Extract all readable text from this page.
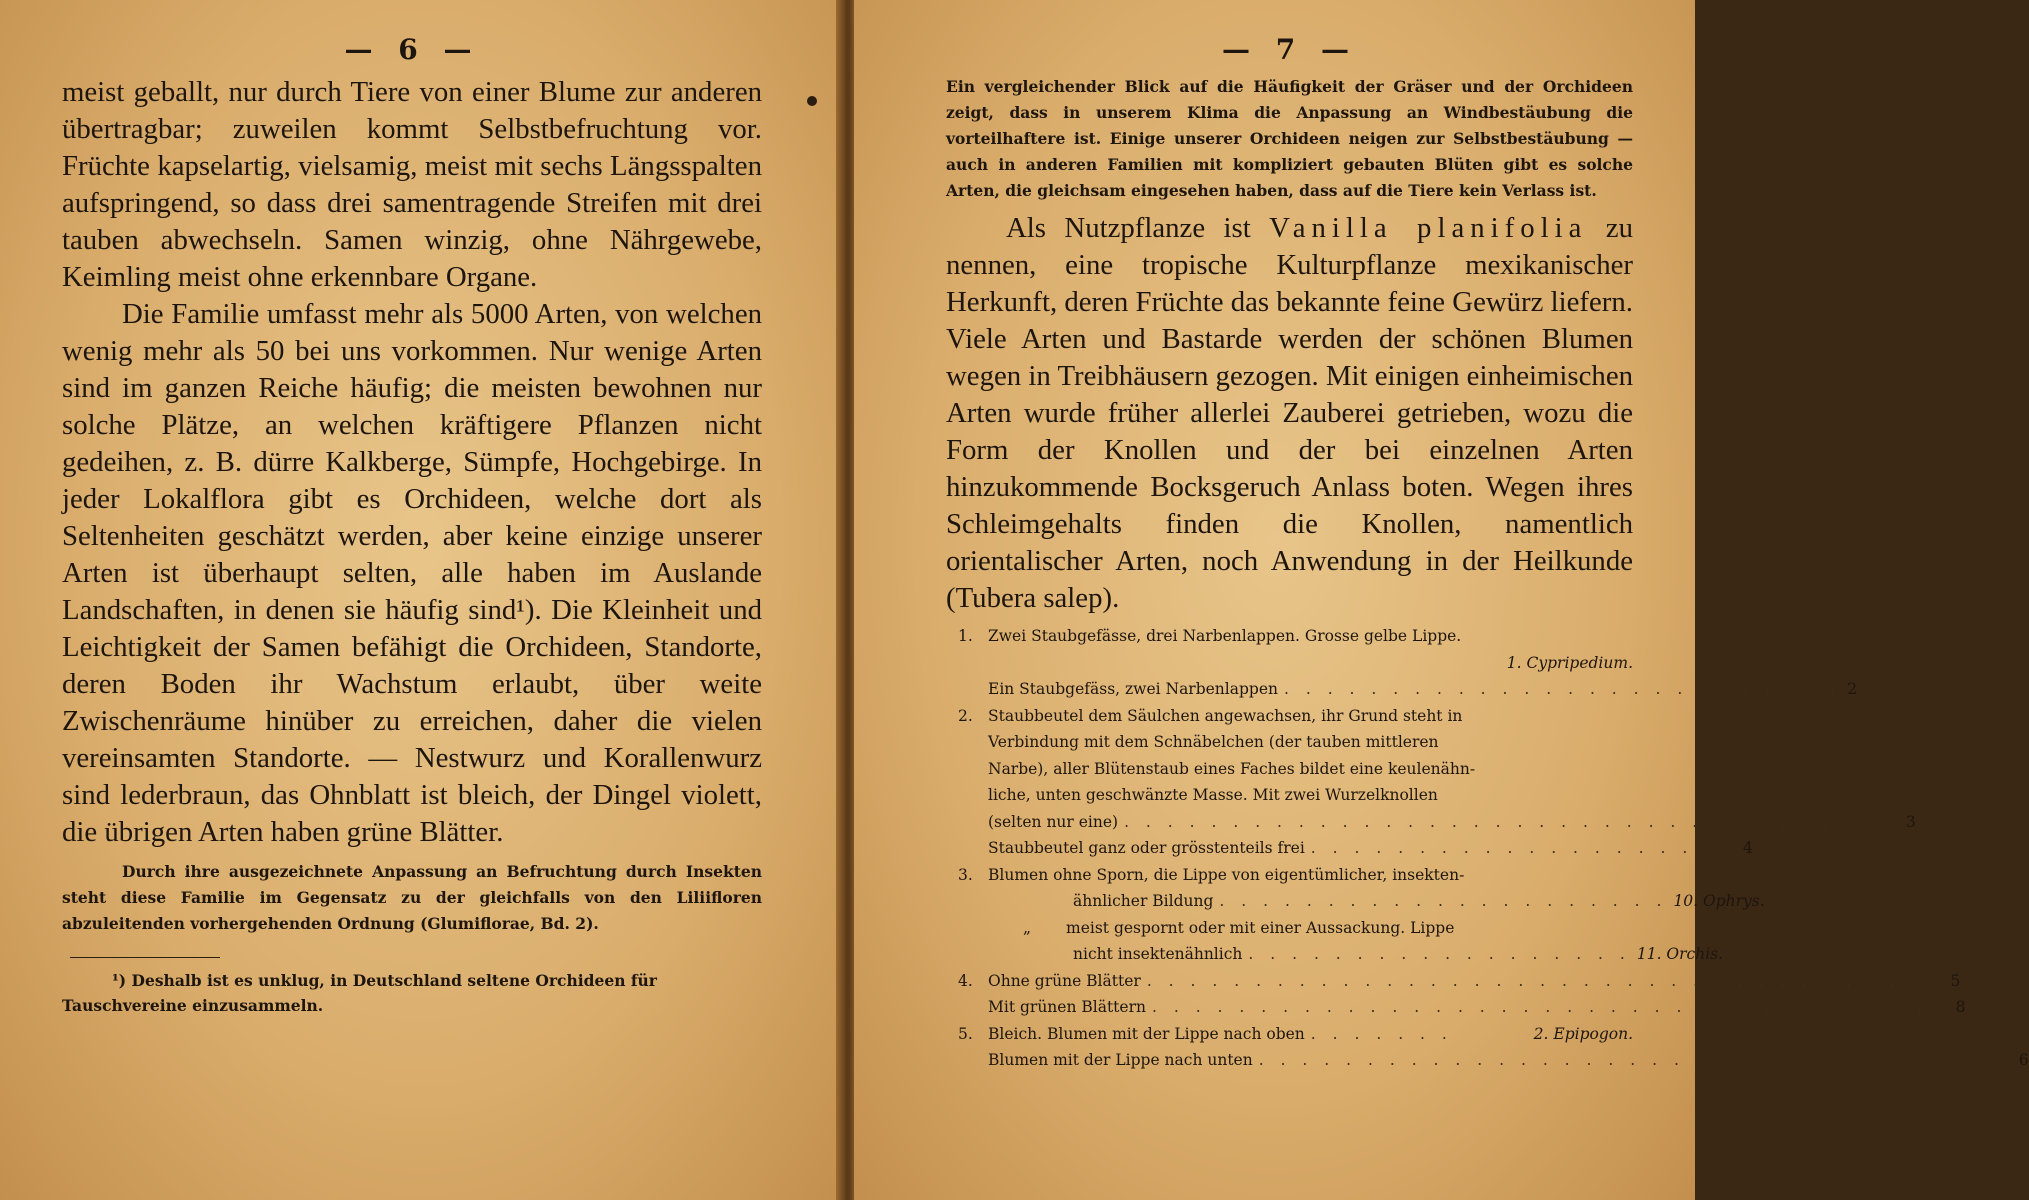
— 6 —

meist geballt, nur durch Tiere von einer Blume zur anderen übertragbar; zuweilen kommt Selbstbefruchtung vor. Früchte kapselartig, vielsamig, meist mit sechs Längsspalten aufspringend, so dass drei samentragende Streifen mit drei tauben abwechseln. Samen winzig, ohne Nährgewebe, Keimling meist ohne erkennbare Organe.

Die Familie umfasst mehr als 5000 Arten, von welchen wenig mehr als 50 bei uns vorkommen. Nur wenige Arten sind im ganzen Reiche häufig; die meisten bewohnen nur solche Plätze, an welchen kräftigere Pflanzen nicht gedeihen, z. B. dürre Kalkberge, Sümpfe, Hochgebirge. In jeder Lokalflora gibt es Orchideen, welche dort als Seltenheiten geschätzt werden, aber keine einzige unserer Arten ist überhaupt selten, alle haben im Auslande Landschaften, in denen sie häufig sind¹). Die Kleinheit und Leichtigkeit der Samen befähigt die Orchideen, Standorte, deren Boden ihr Wachstum erlaubt, über weite Zwischenräume hinüber zu erreichen, daher die vielen vereinsamten Standorte. — Nestwurz und Korallenwurz sind lederbraun, das Ohnblatt ist bleich, der Dingel violett, die übrigen Arten haben grüne Blätter.

Durch ihre ausgezeichnete Anpassung an Befruchtung durch Insekten steht diese Familie im Gegensatz zu der gleichfalls von den Liliifloren abzuleitenden vorhergehenden Ordnung (Glumiflorae, Bd. 2).

¹) Deshalb ist es unklug, in Deutschland seltene Orchideen für Tauschvereine einzusammeln.

— 7 —

Ein vergleichender Blick auf die Häufigkeit der Gräser und der Orchideen zeigt, dass in unserem Klima die Anpassung an Windbestäubung die vorteilhaftere ist. Einige unserer Orchideen neigen zur Selbstbestäubung — auch in anderen Familien mit kompliziert gebauten Blüten gibt es solche Arten, die gleichsam eingesehen haben, dass auf die Tiere kein Verlass ist.

Als Nutzpflanze ist Vanilla planifolia zu nennen, eine tropische Kulturpflanze mexikanischer Herkunft, deren Früchte das bekannte feine Gewürz liefern. Viele Arten und Bastarde werden der schönen Blumen wegen in Treibhäusern gezogen. Mit einigen einheimischen Arten wurde früher allerlei Zauberei getrieben, wozu die Form der Knollen und der bei einzelnen Arten hinzukommende Bocksgeruch Anlass boten. Wegen ihres Schleimgehalts finden die Knollen, namentlich orientalischer Arten, noch Anwendung in der Heilkunde (Tubera salep).

1. Zwei Staubgefässe, drei Narbenlappen. Grosse gelbe Lippe.
1. Cypripedium.
Ein Staubgefäss, zwei Narbenlappen . . . . . . . . . . . . . . . . . . . . . . . . . . 2
2. Staubbeutel dem Säulchen angewachsen, ihr Grund steht in
Verbindung mit dem Schnäbelchen (der tauben mittleren
Narbe), aller Blütenstaub eines Faches bildet eine keulenähn-
liche, unten geschwänzte Masse. Mit zwei Wurzelknollen
(selten nur eine) . . . . . . . . . . . . . . . . . . . . . . . . . . . . . . . . . . . . 3
Staubbeutel ganz oder grösstenteils frei . . . . . . . . . . . . . . . . . . . . 4
3. Blumen ohne Sporn, die Lippe von eigentümlicher, insekten-
ähnlicher Bildung . . . . . . . . . . . . . . . . . . . . . 10. Ophrys.
„	meist gespornt oder mit einer Aussackung. Lippe
nicht insektenähnlich . . . . . . . . . . . . . . . . . . 11. Orchis.
4. Ohne grüne Blätter . . . . . . . . . . . . . . . . . . . . . . . . . . . . . . . . . . . . . 5
Mit grünen Blättern . . . . . . . . . . . . . . . . . . . . . . . . . . . . . . . . . . . . . 8
5. Bleich. Blumen mit der Lippe nach oben . . . . . . .	2. Epipogon.
Blumen mit der Lippe nach unten . . . . . . . . . . . . . . . . . . . . . . . . . . . . . . . . . . . 6
